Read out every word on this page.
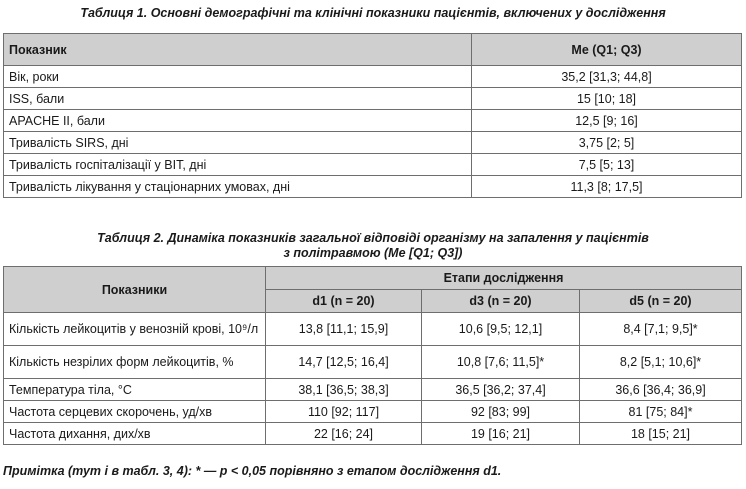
Таблиця 1. Основні демографічні та клінічні показники пацієнтів, включених у дослідження
Показник	Me (Q1; Q3)
Вік, роки	35,2 [31,3; 44,8]
ISS, бали	15 [10; 18]
APACHE II, бали	12,5 [9; 16]
Тривалість SIRS, дні	3,75 [2; 5]
Тривалість госпіталізації у ВІТ, дні	7,5 [5; 13]
Тривалість лікування у стаціонарних умовах, дні	11,3 [8; 17,5]
Таблиця 2. Динаміка показників загальної відповіді організму на запалення у пацієнтів
з політравмою (Me [Q1; Q3])
Показники	Етапи дослідження		
	d1 (n = 20)	d3 (n = 20)	d5 (n = 20)
Кількість лейкоцитів у венозній крові, 10⁹/л	13,8 [11,1; 15,9]	10,6 [9,5; 12,1]	8,4 [7,1; 9,5]*
Кількість незрілих форм лейкоцитів, %	14,7 [12,5; 16,4]	10,8 [7,6; 11,5]*	8,2 [5,1; 10,6]*
Температура тіла, °С	38,1 [36,5; 38,3]	36,5 [36,2; 37,4]	36,6 [36,4; 36,9]
Частота серцевих скорочень, уд/хв	110 [92; 117]	92 [83; 99]	81 [75; 84]*
Частота дихання, дих/хв	22 [16; 24]	19 [16; 21]	18 [15; 21]
Примітка (тут і в табл. 3, 4): * — р < 0,05 порівняно з етапом дослідження d1.
